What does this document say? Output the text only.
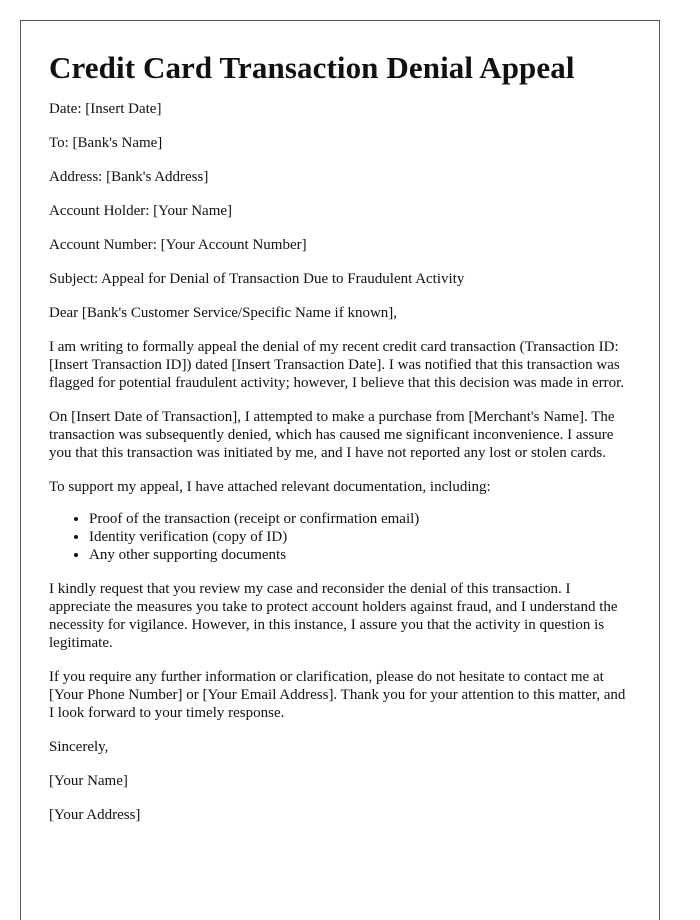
Credit Card Transaction Denial Appeal

Date: [Insert Date]

To: [Bank's Name]

Address: [Bank's Address]

Account Holder: [Your Name]

Account Number: [Your Account Number]

Subject: Appeal for Denial of Transaction Due to Fraudulent Activity

Dear [Bank's Customer Service/Specific Name if known],

I am writing to formally appeal the denial of my recent credit card transaction (Transaction ID: [Insert Transaction ID]) dated [Insert Transaction Date]. I was notified that this transaction was flagged for potential fraudulent activity; however, I believe that this decision was made in error.

On [Insert Date of Transaction], I attempted to make a purchase from [Merchant's Name]. The transaction was subsequently denied, which has caused me significant inconvenience. I assure you that this transaction was initiated by me, and I have not reported any lost or stolen cards.

To support my appeal, I have attached relevant documentation, including:

• Proof of the transaction (receipt or confirmation email)
• Identity verification (copy of ID)
• Any other supporting documents

I kindly request that you review my case and reconsider the denial of this transaction. I appreciate the measures you take to protect account holders against fraud, and I understand the necessity for vigilance. However, in this instance, I assure you that the activity in question is legitimate.

If you require any further information or clarification, please do not hesitate to contact me at [Your Phone Number] or [Your Email Address]. Thank you for your attention to this matter, and I look forward to your timely response.

Sincerely,

[Your Name]

[Your Address]
